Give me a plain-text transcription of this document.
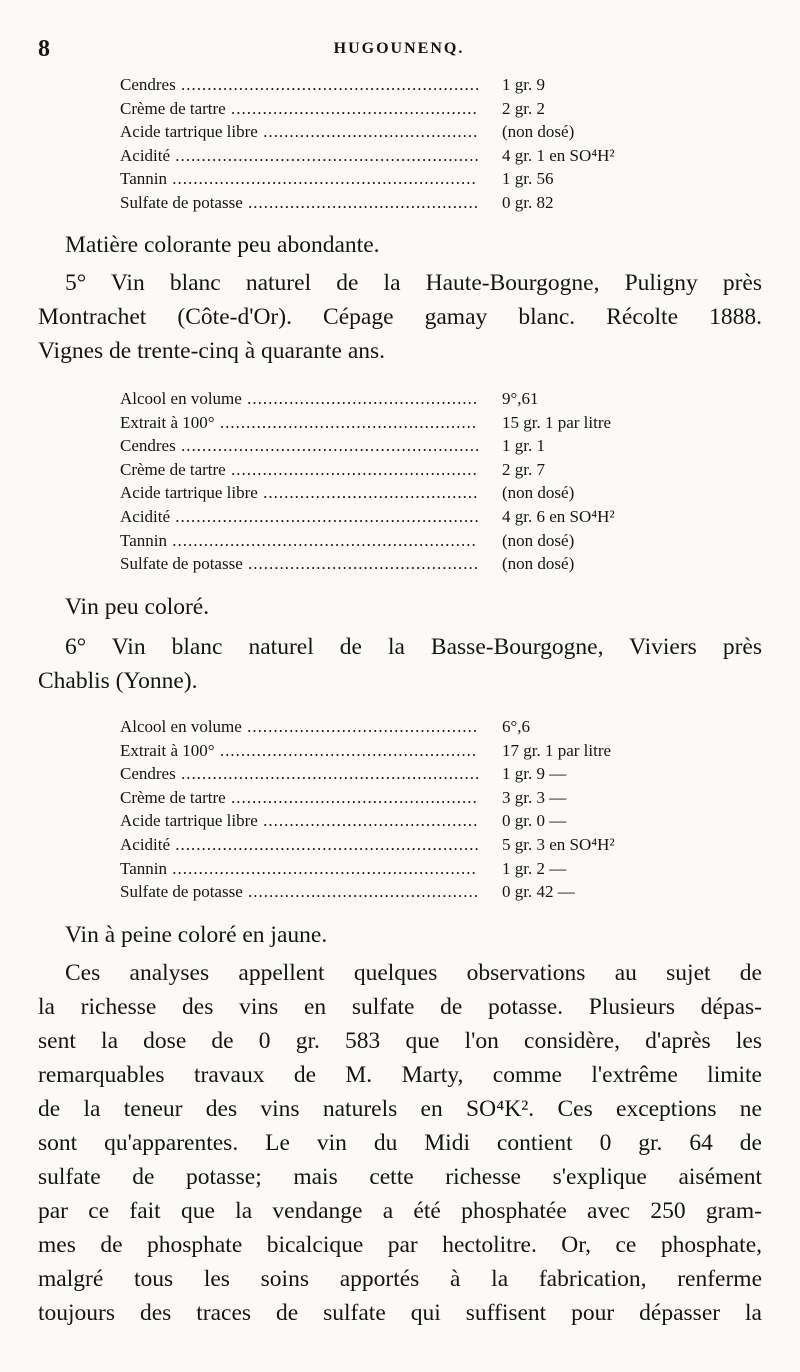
8	HUGOUNENQ.
Cendres .....	1 gr. 9
Crème de tartre .....	2 gr. 2
Acide tartrique libre .....	(non dosé)
Acidité .....	4 gr. 1 en SO⁴H²
Tannin .....	1 gr. 56
Sulfate de potasse .....	0 gr. 82
Matière colorante peu abondante.
5° Vin blanc naturel de la Haute-Bourgogne, Puligny près
Montrachet (Côte-d'Or). Cépage gamay blanc. Récolte 1888.
Vignes de trente-cinq à quarante ans.
Alcool en volume .....	9°,61
Extrait à 100° .....	15 gr. 1 par litre
Cendres .....	1 gr. 1
Crème de tartre .....	2 gr. 7
Acide tartrique libre .....	(non dosé)
Acidité .....	4 gr. 6 en SO⁴H²
Tannin .....	(non dosé)
Sulfate de potasse .....	(non dosé)
Vin peu coloré.
6° Vin blanc naturel de la Basse-Bourgogne, Viviers près
Chablis (Yonne).
Alcool en volume .....	6°,6
Extrait à 100° .....	17 gr. 1 par litre
Cendres .....	1 gr. 9 —
Crème de tartre .....	3 gr. 3 —
Acide tartrique libre .....	0 gr. 0 —
Acidité .....	5 gr. 3 en SO⁴H²
Tannin .....	1 gr. 2 —
Sulfate de potasse .....	0 gr. 42 —
Vin à peine coloré en jaune.
Ces analyses appellent quelques observations au sujet de
la richesse des vins en sulfate de potasse. Plusieurs dépas-
sent la dose de 0 gr. 583 que l'on considère, d'après les
remarquables travaux de M. Marty, comme l'extrême limite
de la teneur des vins naturels en SO⁴K². Ces exceptions ne
sont qu'apparentes. Le vin du Midi contient 0 gr. 64 de
sulfate de potasse; mais cette richesse s'explique aisément
par ce fait que la vendange a été phosphatée avec 250 gram-
mes de phosphate bicalcique par hectolitre. Or, ce phosphate,
malgré tous les soins apportés à la fabrication, renferme
toujours des traces de sulfate qui suffisent pour dépasser la
